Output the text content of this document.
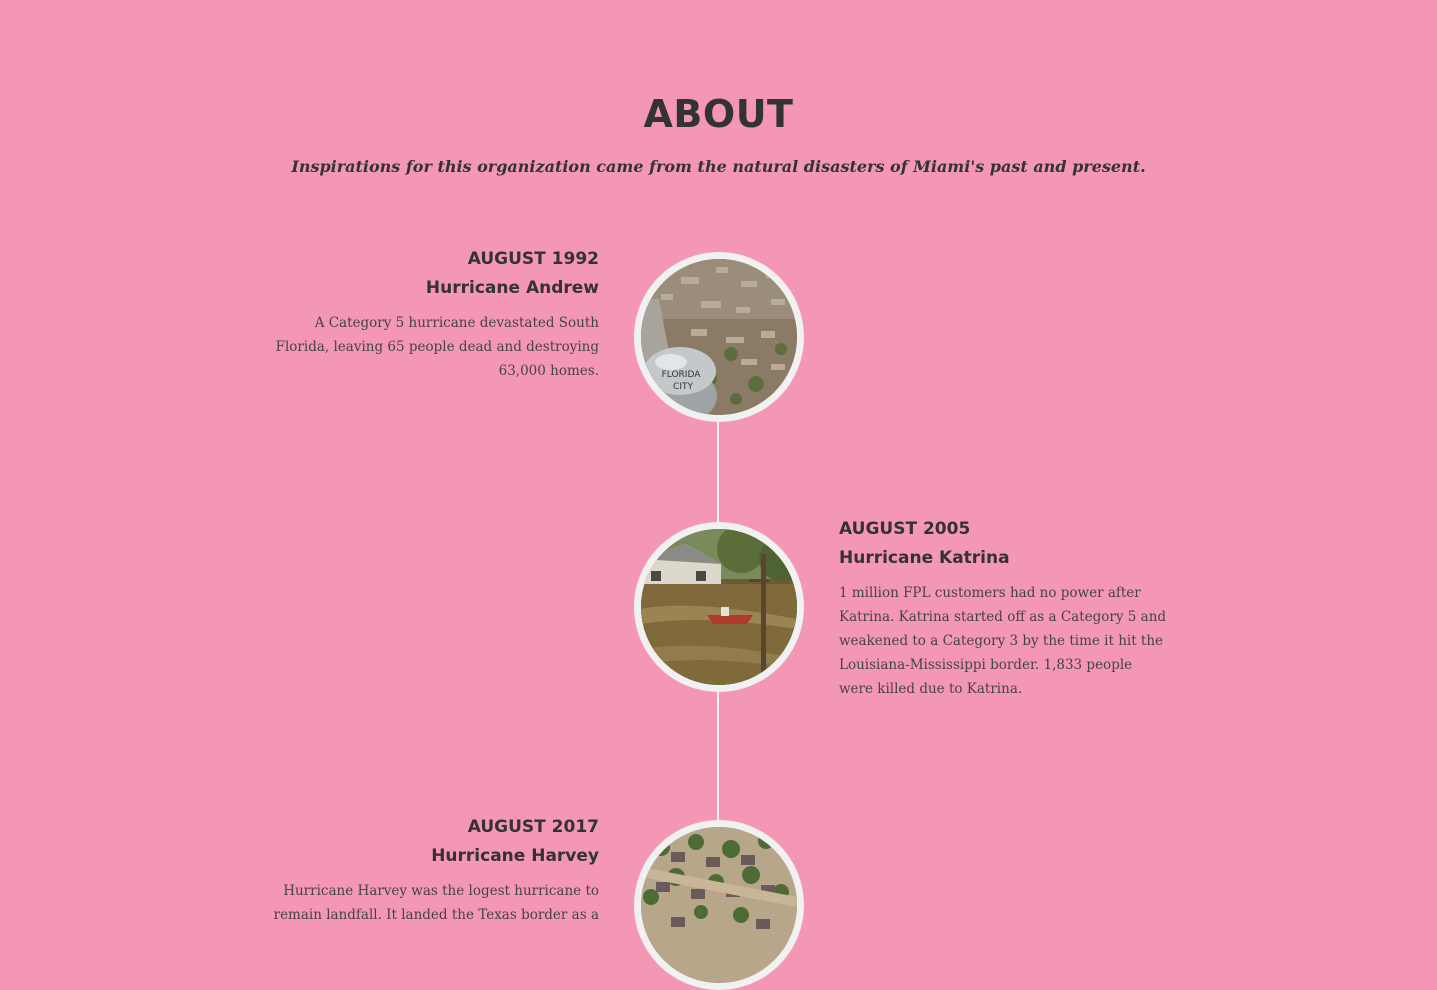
ABOUT
Inspirations for this organization came from the natural disasters of Miami's past and present.
AUGUST 1992
Hurricane Andrew

A Category 5 hurricane devastated South Florida, leaving 65 people dead and destroying 63,000 homes.	FLORIDA
CITY
AUGUST 2005
Hurricane Katrina

1 million FPL customers had no power after Katrina. Katrina started off as a Category 5 and weakened to a Category 3 by the time it hit the Louisiana-Mississippi border. 1,833 people were killed due to Katrina.

AUGUST 2017
Hurricane Harvey

Hurricane Harvey was the logest hurricane to remain landfall. It landed the Texas border as a
